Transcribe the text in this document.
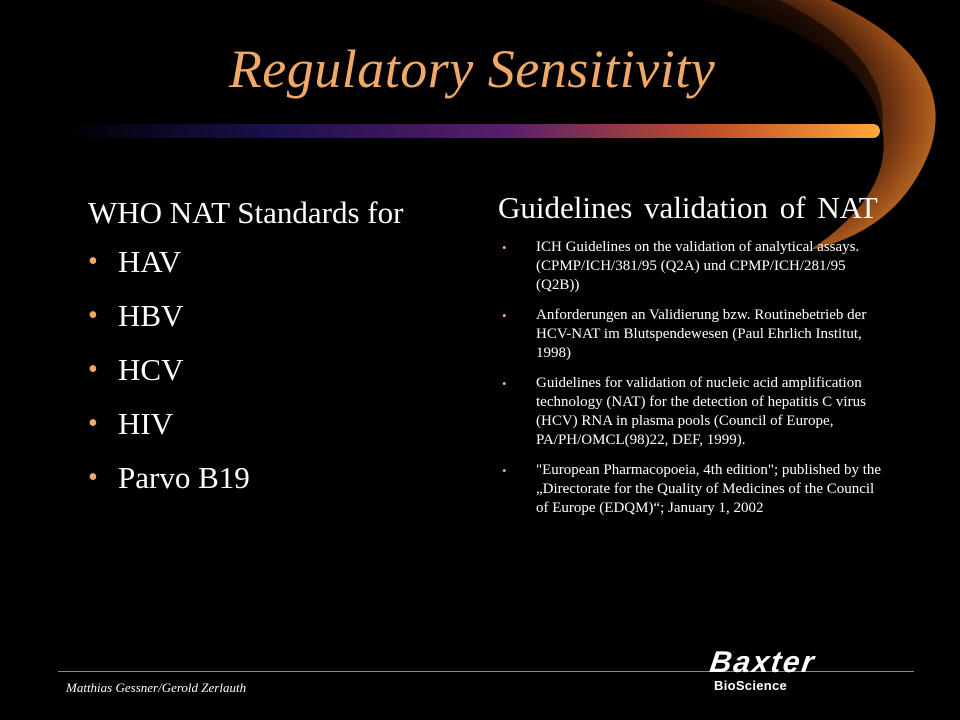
Regulatory Sensitivity
WHO NAT Standards for
• HAV
• HBV
• HCV
• HIV
• Parvo B19
Guidelines validation of NAT
• ICH Guidelines on the validation of analytical assays. (CPMP/ICH/381/95 (Q2A) und CPMP/ICH/281/95 (Q2B))
• Anforderungen an Validierung bzw. Routinebetrieb der HCV-NAT im Blutspendewesen (Paul Ehrlich Institut, 1998)
• Guidelines for validation of nucleic acid amplification technology (NAT) for the detection of hepatitis C virus (HCV) RNA in plasma pools (Council of Europe, PA/PH/OMCL(98)22, DEF, 1999).
• "European Pharmacopoeia, 4th edition"; published by the „Directorate for the Quality of Medicines of the Council of Europe (EDQM)“; January 1, 2002
Matthias Gessner/Gerold Zerlauth
Baxter
BioScience
